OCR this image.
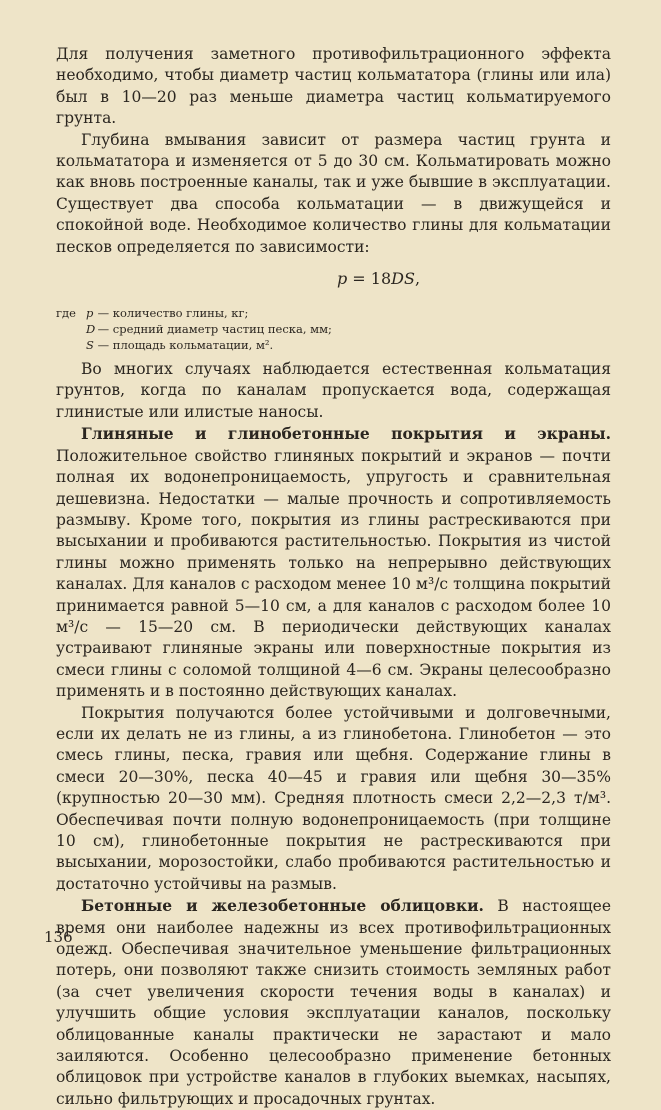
Для получения заметного противофильтрационного эффекта необходимо, чтобы диаметр частиц кольмататора (глины или ила) был в 10—20 раз меньше диаметра частиц кольматируемого грунта.

Глубина вмывания зависит от размера частиц грунта и кольмататора и изменяется от 5 до 30 см. Кольматировать можно как вновь построенные каналы, так и уже бывшие в эксплуатации. Существует два способа кольматации — в движущейся и спокойной воде. Необходимое количество глины для кольматации песков определяется по зависимости:

p = 18DS,
где p — количество глины, кг;
D — средний диаметр частиц песка, мм;
S — площадь кольматации, м².

Во многих случаях наблюдается естественная кольматация грунтов, когда по каналам пропускается вода, содержащая глинистые или илистые наносы.

Глиняные и глинобетонные покрытия и экраны. Положительное свойство глиняных покрытий и экранов — почти полная их водонепроницаемость, упругость и сравнительная дешевизна. Недостатки — малые прочность и сопротивляемость размыву. Кроме того, покрытия из глины растрескиваются при высыхании и пробиваются растительностью. Покрытия из чистой глины можно применять только на непрерывно действующих каналах. Для каналов с расходом менее 10 м³/с толщина покрытий принимается равной 5—10 см, а для каналов с расходом более 10 м³/с — 15—20 см. В периодически действующих каналах устраивают глиняные экраны или поверхностные покрытия из смеси глины с соломой толщиной 4—6 см. Экраны целесообразно применять и в постоянно действующих каналах.

Покрытия получаются более устойчивыми и долговечными, если их делать не из глины, а из глинобетона. Глинобетон — это смесь глины, песка, гравия или щебня. Содержание глины в смеси 20—30%, песка 40—45 и гравия или щебня 30—35% (крупностью 20—30 мм). Средняя плотность смеси 2,2—2,3 т/м³. Обеспечивая почти полную водонепроницаемость (при толщине 10 см), глинобетонные покрытия не растрескиваются при высыхании, морозостойки, слабо пробиваются растительностью и достаточно устойчивы на размыв.

Бетонные и железобетонные облицовки. В настоящее время они наиболее надежны из всех противофильтрационных одежд. Обеспечивая значительное уменьшение фильтрационных потерь, они позволяют также снизить стоимость земляных работ (за счет увеличения скорости течения воды в каналах) и улучшить общие условия эксплуатации каналов, поскольку облицованные каналы практически не зарастают и мало заиляются. Особенно целесообразно применение бетонных облицовок при устройстве каналов в глубоких выемках, насыпях, сильно фильтрующих и просадочных грунтах.

136
